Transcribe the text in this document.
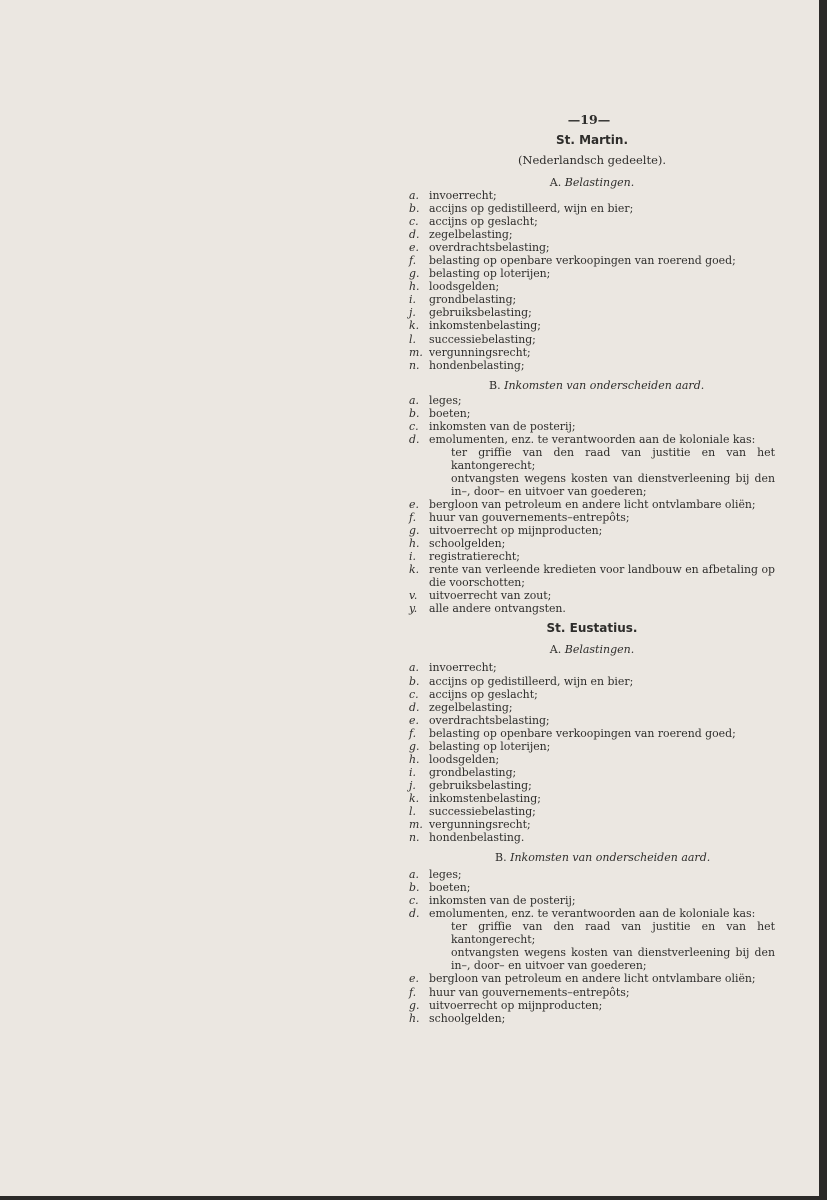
—19—
St. Martin.
(Nederlandsch gedeelte).
A. Belastingen.
a. invoerrecht;
b. accijns op gedistilleerd, wijn en bier;
c. accijns op geslacht;
d. zegelbelasting;
e. overdrachtsbelasting;
f. belasting op openbare verkoopingen van roerend goed;
g. belasting op loterijen;
h. loodsgelden;
i. grondbelasting;
j. gebruiksbelasting;
k. inkomstenbelasting;
l. successiebelasting;
m. vergunningsrecht;
n. hondenbelasting;
B. Inkomsten van onderscheiden aard.
a. leges;
b. boeten;
c. inkomsten van de posterij;
d. emolumenten, enz. te verantwoorden aan de koloniale kas:
ter griffie van den raad van justitie en van het kantongerecht;
ontvangsten wegens kosten van dienstverleening bij den in–, door– en uitvoer van goederen;
e. bergloon van petroleum en andere licht ontvlambare oliën;
f. huur van gouvernements–entrepôts;
g. uitvoerrecht op mijnproducten;
h. schoolgelden;
i. registratierecht;
k. rente van verleende kredieten voor landbouw en afbetaling op die voorschotten;
v. uitvoerrecht van zout;
y. alle andere ontvangsten.
St. Eustatius.
A. Belastingen.
a. invoerrecht;
b. accijns op gedistilleerd, wijn en bier;
c. accijns op geslacht;
d. zegelbelasting;
e. overdrachtsbelasting;
f. belasting op openbare verkoopingen van roerend goed;
g. belasting op loterijen;
h. loodsgelden;
i. grondbelasting;
j. gebruiksbelasting;
k. inkomstenbelasting;
l. successiebelasting;
m. vergunningsrecht;
n. hondenbelasting.
B. Inkomsten van onderscheiden aard.
a. leges;
b. boeten;
c. inkomsten van de posterij;
d. emolumenten, enz. te verantwoorden aan de koloniale kas:
ter griffie van den raad van justitie en van het kantongerecht;
ontvangsten wegens kosten van dienstverleening bij den in–, door– en uitvoer van goederen;
e. bergloon van petroleum en andere licht ontvlambare oliën;
f. huur van gouvernements–entrepôts;
g. uitvoerrecht op mijnproducten;
h. schoolgelden;
